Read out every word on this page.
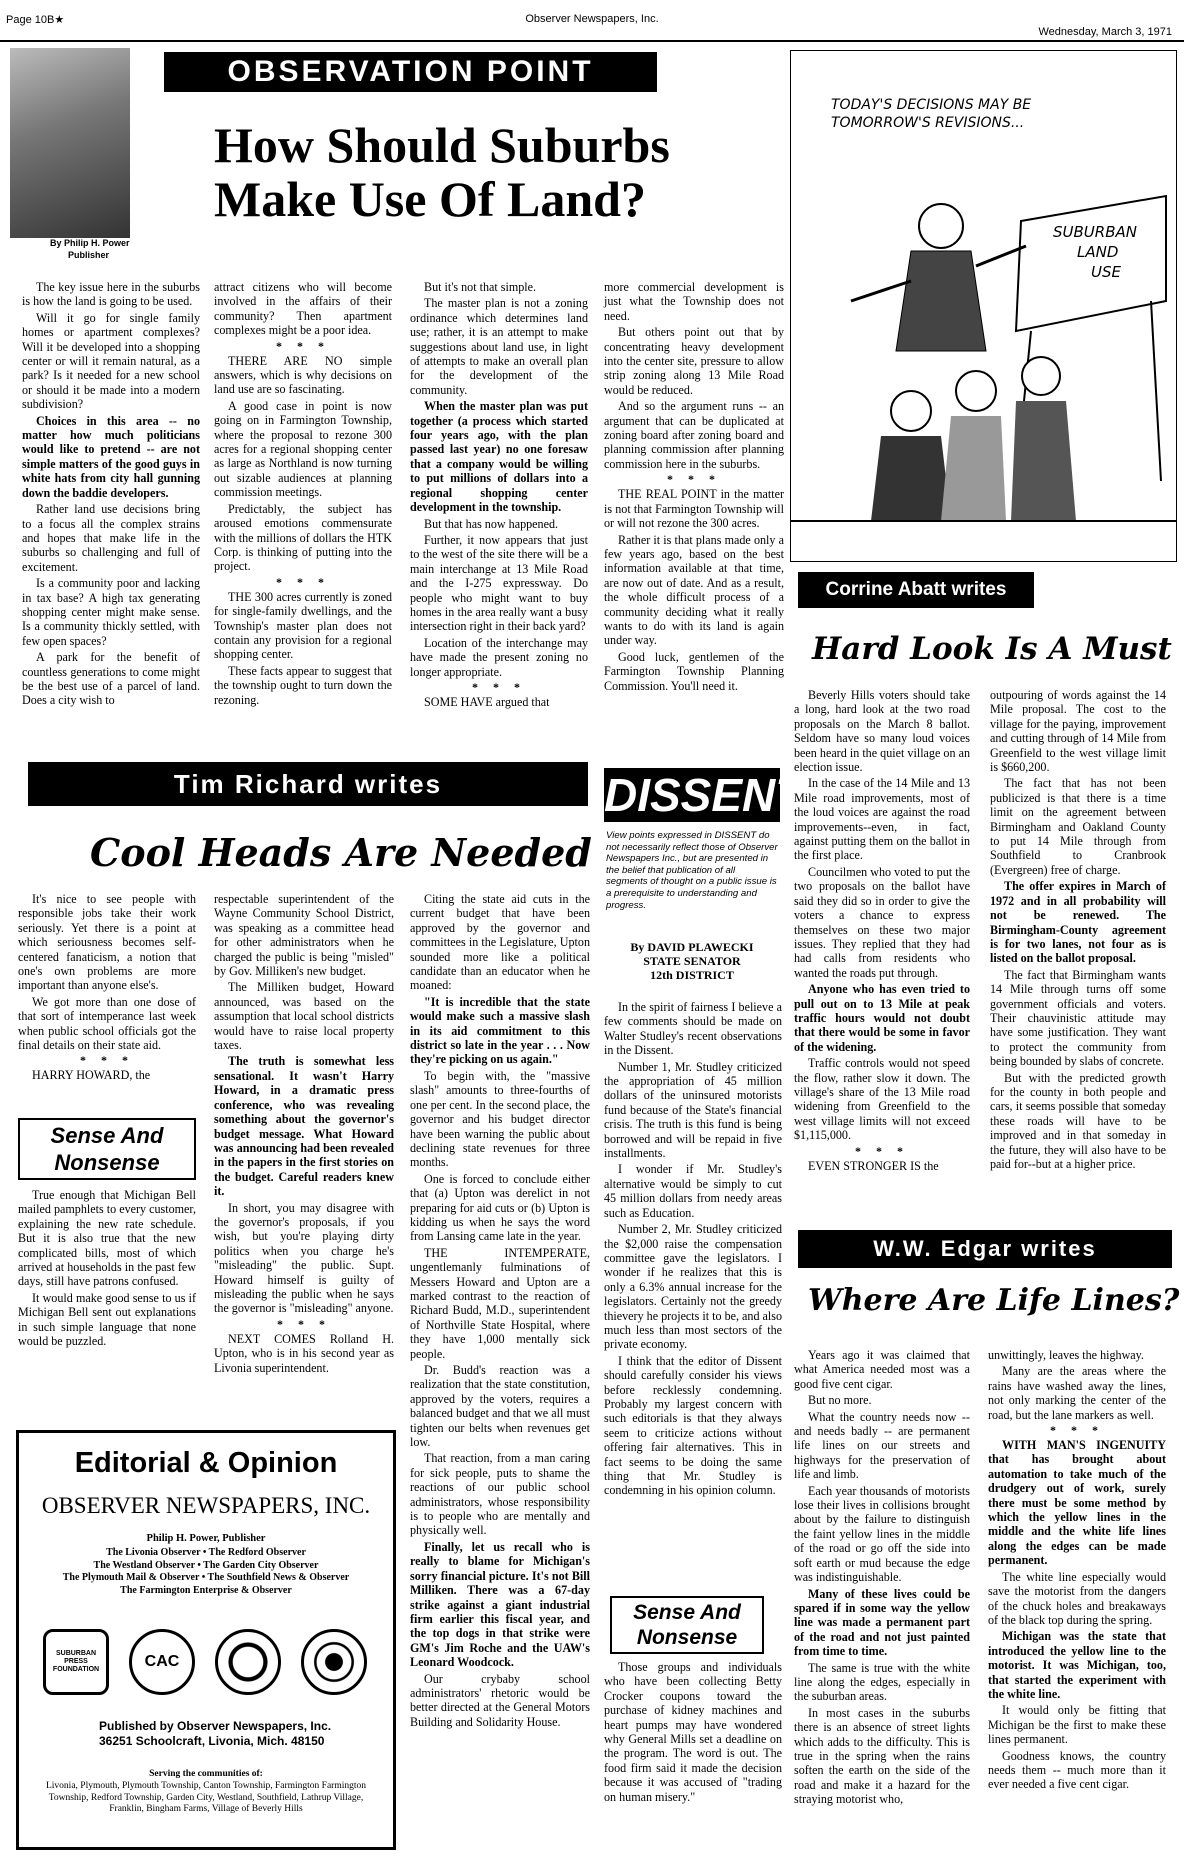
Page 10B★	Observer Newspapers, Inc.
Wednesday, March 3, 1971
By Philip H. Power
Publisher
OBSERVATION POINT
How Should Suburbs
Make Use Of Land?

The key issue here in the suburbs is how the land is going to be used.

Will it go for single family homes or apartment complexes? Will it be developed into a shopping center or will it remain natural, as a park? Is it needed for a new school or should it be made into a modern subdivision?

Choices in this area -- no matter how much politicians would like to pretend -- are not simple matters of the good guys in white hats from city hall gunning down the baddie developers.

Rather land use decisions bring to a focus all the complex strains and hopes that make life in the suburbs so challenging and full of excitement.

Is a community poor and lacking in tax base? A high tax generating shopping center might make sense. Is a community thickly settled, with few open spaces?

A park for the benefit of countless generations to come might be the best use of a parcel of land. Does a city wish to

attract citizens who will become involved in the affairs of their community? Then apartment complexes might be a poor idea.

* * *

THERE ARE NO simple answers, which is why decisions on land use are so fascinating.

A good case in point is now going on in Farmington Township, where the proposal to rezone 300 acres for a regional shopping center as large as Northland is now turning out sizable audiences at planning commission meetings.

Predictably, the subject has aroused emotions commensurate with the millions of dollars the HTK Corp. is thinking of putting into the project.

* * *

THE 300 acres currently is zoned for single-family dwellings, and the Township's master plan does not contain any provision for a regional shopping center.

These facts appear to suggest that the township ought to turn down the rezoning.

But it's not that simple.

The master plan is not a zoning ordinance which determines land use; rather, it is an attempt to make suggestions about land use, in light of attempts to make an overall plan for the development of the community.

When the master plan was put together (a process which started four years ago, with the plan passed last year) no one foresaw that a company would be willing to put millions of dollars into a regional shopping center development in the township.

But that has now happened.

Further, it now appears that just to the west of the site there will be a main interchange at 13 Mile Road and the I-275 expressway. Do people who might want to buy homes in the area really want a busy intersection right in their back yard?

Location of the interchange may have made the present zoning no longer appropriate.

* * *

SOME HAVE argued that

more commercial development is just what the Township does not need.

But others point out that by concentrating heavy development into the center site, pressure to allow strip zoning along 13 Mile Road would be reduced.

And so the argument runs -- an argument that can be duplicated at zoning board after zoning board and planning commission after planning commission here in the suburbs.

* * *

THE REAL POINT in the matter is not that Farmington Township will or will not rezone the 300 acres.

Rather it is that plans made only a few years ago, based on the best information available at that time, are now out of date. And as a result, the whole difficult process of a community deciding what it really wants to do with its land is again under way.

Good luck, gentlemen of the Farmington Township Planning Commission. You'll need it.

TODAY'S DECISIONS MAY BE
TOMORROW'S REVISIONS...
SUBURBAN
LAND
USE
Corrine Abatt writes
Hard Look Is A Must

Beverly Hills voters should take a long, hard look at the two road proposals on the March 8 ballot. Seldom have so many loud voices been heard in the quiet village on an election issue.

In the case of the 14 Mile and 13 Mile road improvements, most of the loud voices are against the road improvements--even, in fact, against putting them on the ballot in the first place.

Councilmen who voted to put the two proposals on the ballot have said they did so in order to give the voters a chance to express themselves on these two major issues. They replied that they had had calls from residents who wanted the roads put through.

Anyone who has even tried to pull out on to 13 Mile at peak traffic hours would not doubt that there would be some in favor of the widening.

Traffic controls would not speed the flow, rather slow it down. The village's share of the 13 Mile road widening from Greenfield to the west village limits will not exceed $1,115,000.

* * *

EVEN STRONGER IS the

outpouring of words against the 14 Mile proposal. The cost to the village for the paying, improvement and cutting through of 14 Mile from Greenfield to the west village limit is $660,200.

The fact that has not been publicized is that there is a time limit on the agreement between Birmingham and Oakland County to put 14 Mile through from Southfield to Cranbrook (Evergreen) free of charge.

The offer expires in March of 1972 and in all probability will not be renewed. The Birmingham-County agreement is for two lanes, not four as is listed on the ballot proposal.

The fact that Birmingham wants 14 Mile through turns off some government officials and voters. Their chauvinistic attitude may have some justification. They want to protect the community from being bounded by slabs of concrete.

But with the predicted growth for the county in both people and cars, it seems possible that someday these roads will have to be improved and in that someday in the future, they will also have to be paid for--but at a higher price.

Tim Richard writes
Cool Heads Are Needed

It's nice to see people with responsible jobs take their work seriously. Yet there is a point at which seriousness becomes self-centered fanaticism, a notion that one's own problems are more important than anyone else's.

We got more than one dose of that sort of intemperance last week when public school officials got the final details on their state aid.

* * *

HARRY HOWARD, the

Sense And
Nonsense

True enough that Michigan Bell mailed pamphlets to every customer, explaining the new rate schedule. But it is also true that the new complicated bills, most of which arrived at households in the past few days, still have patrons confused.

It would make good sense to us if Michigan Bell sent out explanations in such simple language that none would be puzzled.

respectable superintendent of the Wayne Community School District, was speaking as a committee head for other administrators when he charged the public is being "misled" by Gov. Milliken's new budget.

The Milliken budget, Howard announced, was based on the assumption that local school districts would have to raise local property taxes.

The truth is somewhat less sensational. It wasn't Harry Howard, in a dramatic press conference, who was revealing something about the governor's budget message. What Howard was announcing had been revealed in the papers in the first stories on the budget. Careful readers knew it.

In short, you may disagree with the governor's proposals, if you wish, but you're playing dirty politics when you charge he's "misleading" the public. Supt. Howard himself is guilty of misleading the public when he says the governor is "misleading" anyone.

* * *

NEXT COMES Rolland H. Upton, who is in his second year as Livonia superintendent.

Citing the state aid cuts in the current budget that have been approved by the governor and committees in the Legislature, Upton sounded more like a political candidate than an educator when he moaned:

"It is incredible that the state would make such a massive slash in its aid commitment to this district so late in the year . . . Now they're picking on us again."

To begin with, the "massive slash" amounts to three-fourths of one per cent. In the second place, the governor and his budget director have been warning the public about declining state revenues for three months.

One is forced to conclude either that (a) Upton was derelict in not preparing for aid cuts or (b) Upton is kidding us when he says the word from Lansing came late in the year.

THE INTEMPERATE, ungentlemanly fulminations of Messers Howard and Upton are a marked contrast to the reaction of Richard Budd, M.D., superintendent of Northville State Hospital, where they have 1,000 mentally sick people.

Dr. Budd's reaction was a realization that the state constitution, approved by the voters, requires a balanced budget and that we all must tighten our belts when revenues get low.

That reaction, from a man caring for sick people, puts to shame the reactions of our public school administrators, whose responsibility is to people who are mentally and physically well.

Finally, let us recall who is really to blame for Michigan's sorry financial picture. It's not Bill Milliken. There was a 67-day strike against a giant industrial firm earlier this fiscal year, and the top dogs in that strike were GM's Jim Roche and the UAW's Leonard Woodcock.

Our crybaby school administrators' rhetoric would be better directed at the General Motors Building and Solidarity House.

DISSENT
View points expressed in DISSENT do not necessarily reflect those of Observer Newspapers Inc., but are presented in the belief that publication of all segments of thought on a public issue is a prerequisite to understanding and progress.
By DAVID PLAWECKI
STATE SENATOR
12th DISTRICT

In the spirit of fairness I believe a few comments should be made on Walter Studley's recent observations in the Dissent.

Number 1, Mr. Studley criticized the appropriation of 45 million dollars of the uninsured motorists fund because of the State's financial crisis. The truth is this fund is being borrowed and will be repaid in five installments.

I wonder if Mr. Studley's alternative would be simply to cut 45 million dollars from needy areas such as Education.

Number 2, Mr. Studley criticized the $2,000 raise the compensation committee gave the legislators. I wonder if he realizes that this is only a 6.3% annual increase for the legislators. Certainly not the greedy thievery he projects it to be, and also much less than most sectors of the private economy.

I think that the editor of Dissent should carefully consider his views before recklessly condemning. Probably my largest concern with such editorials is that they always seem to criticize actions without offering fair alternatives. This in fact seems to be doing the same thing that Mr. Studley is condemning in his opinion column.

Sense And
Nonsense

Those groups and individuals who have been collecting Betty Crocker coupons toward the purchase of kidney machines and heart pumps may have wondered why General Mills set a deadline on the program. The word is out. The food firm said it made the decision because it was accused of "trading on human misery."

W.W. Edgar writes
Where Are Life Lines?

Years ago it was claimed that what America needed most was a good five cent cigar.

But no more.

What the country needs now -- and needs badly -- are permanent life lines on our streets and highways for the preservation of life and limb.

Each year thousands of motorists lose their lives in collisions brought about by the failure to distinguish the faint yellow lines in the middle of the road or go off the side into soft earth or mud because the edge was indistinguishable.

Many of these lives could be spared if in some way the yellow line was made a permanent part of the road and not just painted from time to time.

The same is true with the white line along the edges, especially in the suburban areas.

In most cases in the suburbs there is an absence of street lights which adds to the difficulty. This is true in the spring when the rains soften the earth on the side of the road and make it a hazard for the straying motorist who,

unwittingly, leaves the highway.

Many are the areas where the rains have washed away the lines, not only marking the center of the road, but the lane markers as well.

* * *

WITH MAN'S INGENUITY that has brought about automation to take much of the drudgery out of work, surely there must be some method by which the yellow lines in the middle and the white life lines along the edges can be made permanent.

The white line especially would save the motorist from the dangers of the chuck holes and breakaways of the black top during the spring.

Michigan was the state that introduced the yellow line to the motorist. It was Michigan, too, that started the experiment with the white line.

It would only be fitting that Michigan be the first to make these lines permanent.

Goodness knows, the country needs them -- much more than it ever needed a five cent cigar.

Editorial & Opinion
OBSERVER NEWSPAPERS, INC.
Philip H. Power, Publisher
The Livonia Observer • The Redford Observer
The Westland Observer • The Garden City Observer
The Plymouth Mail & Observer • The Southfield News & Observer
The Farmington Enterprise & Observer
SUBURBAN PRESS FOUNDATION	CAC
Published by Observer Newspapers, Inc.
36251 Schoolcraft, Livonia, Mich. 48150
Serving the communities of:
Livonia, Plymouth, Plymouth Township, Canton Township, Farmington Farmington Township, Redford Township, Garden City, Westland, Southfield, Lathrup Village, Franklin, Bingham Farms, Village of Beverly Hills
